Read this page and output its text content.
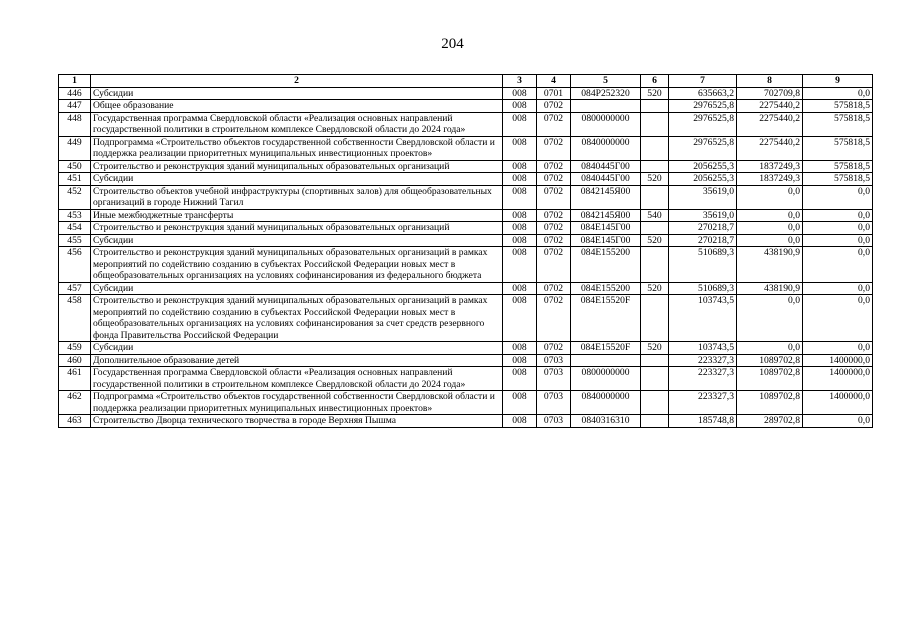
204
1	2	3	4	5	6	7	8	9
446	Субсидии	008	0701	084P252320	520	635663,2	702709,8	0,0
447	Общее образование	008	0702			2976525,8	2275440,2	575818,5
448	Государственная программа Свердловской области «Реализация основных направлений государственной политики в строительном комплексе Свердловской области до 2024 года»	008	0702	0800000000		2976525,8	2275440,2	575818,5
449	Подпрограмма «Строительство объектов государственной собственности Свердловской области и поддержка реализации приоритетных муниципальных инвестиционных проектов»	008	0702	0840000000		2976525,8	2275440,2	575818,5
450	Строительство и реконструкция зданий муниципальных образовательных организаций	008	0702	0840445Г00		2056255,3	1837249,3	575818,5
451	Субсидии	008	0702	0840445Г00	520	2056255,3	1837249,3	575818,5
452	Строительство объектов учебной инфраструктуры (спортивных залов) для общеобразовательных организаций в городе Нижний Тагил	008	0702	0842145Я00		35619,0	0,0	0,0
453	Иные межбюджетные трансферты	008	0702	0842145Я00	540	35619,0	0,0	0,0
454	Строительство и реконструкция зданий муниципальных образовательных организаций	008	0702	084E145Г00		270218,7	0,0	0,0
455	Субсидии	008	0702	084E145Г00	520	270218,7	0,0	0,0
456	Строительство и реконструкция зданий муниципальных образовательных организаций в рамках мероприятий по содействию созданию в субъектах Российской Федерации новых мест в общеобразовательных организациях на условиях софинансирования из федерального бюджета	008	0702	084E155200		510689,3	438190,9	0,0
457	Субсидии	008	0702	084E155200	520	510689,3	438190,9	0,0
458	Строительство и реконструкция зданий муниципальных образовательных организаций в рамках мероприятий по содействию созданию в субъектах Российской Федерации новых мест в общеобразовательных организациях на условиях софинансирования за счет средств резервного фонда Правительства Российской Федерации	008	0702	084E15520F		103743,5	0,0	0,0
459	Субсидии	008	0702	084E15520F	520	103743,5	0,0	0,0
460	Дополнительное образование детей	008	0703			223327,3	1089702,8	1400000,0
461	Государственная программа Свердловской области «Реализация основных направлений государственной политики в строительном комплексе Свердловской области до 2024 года»	008	0703	0800000000		223327,3	1089702,8	1400000,0
462	Подпрограмма «Строительство объектов государственной собственности Свердловской области и поддержка реализации приоритетных муниципальных инвестиционных проектов»	008	0703	0840000000		223327,3	1089702,8	1400000,0
463	Строительство Дворца технического творчества в городе Верхняя Пышма	008	0703	0840316310		185748,8	289702,8	0,0
